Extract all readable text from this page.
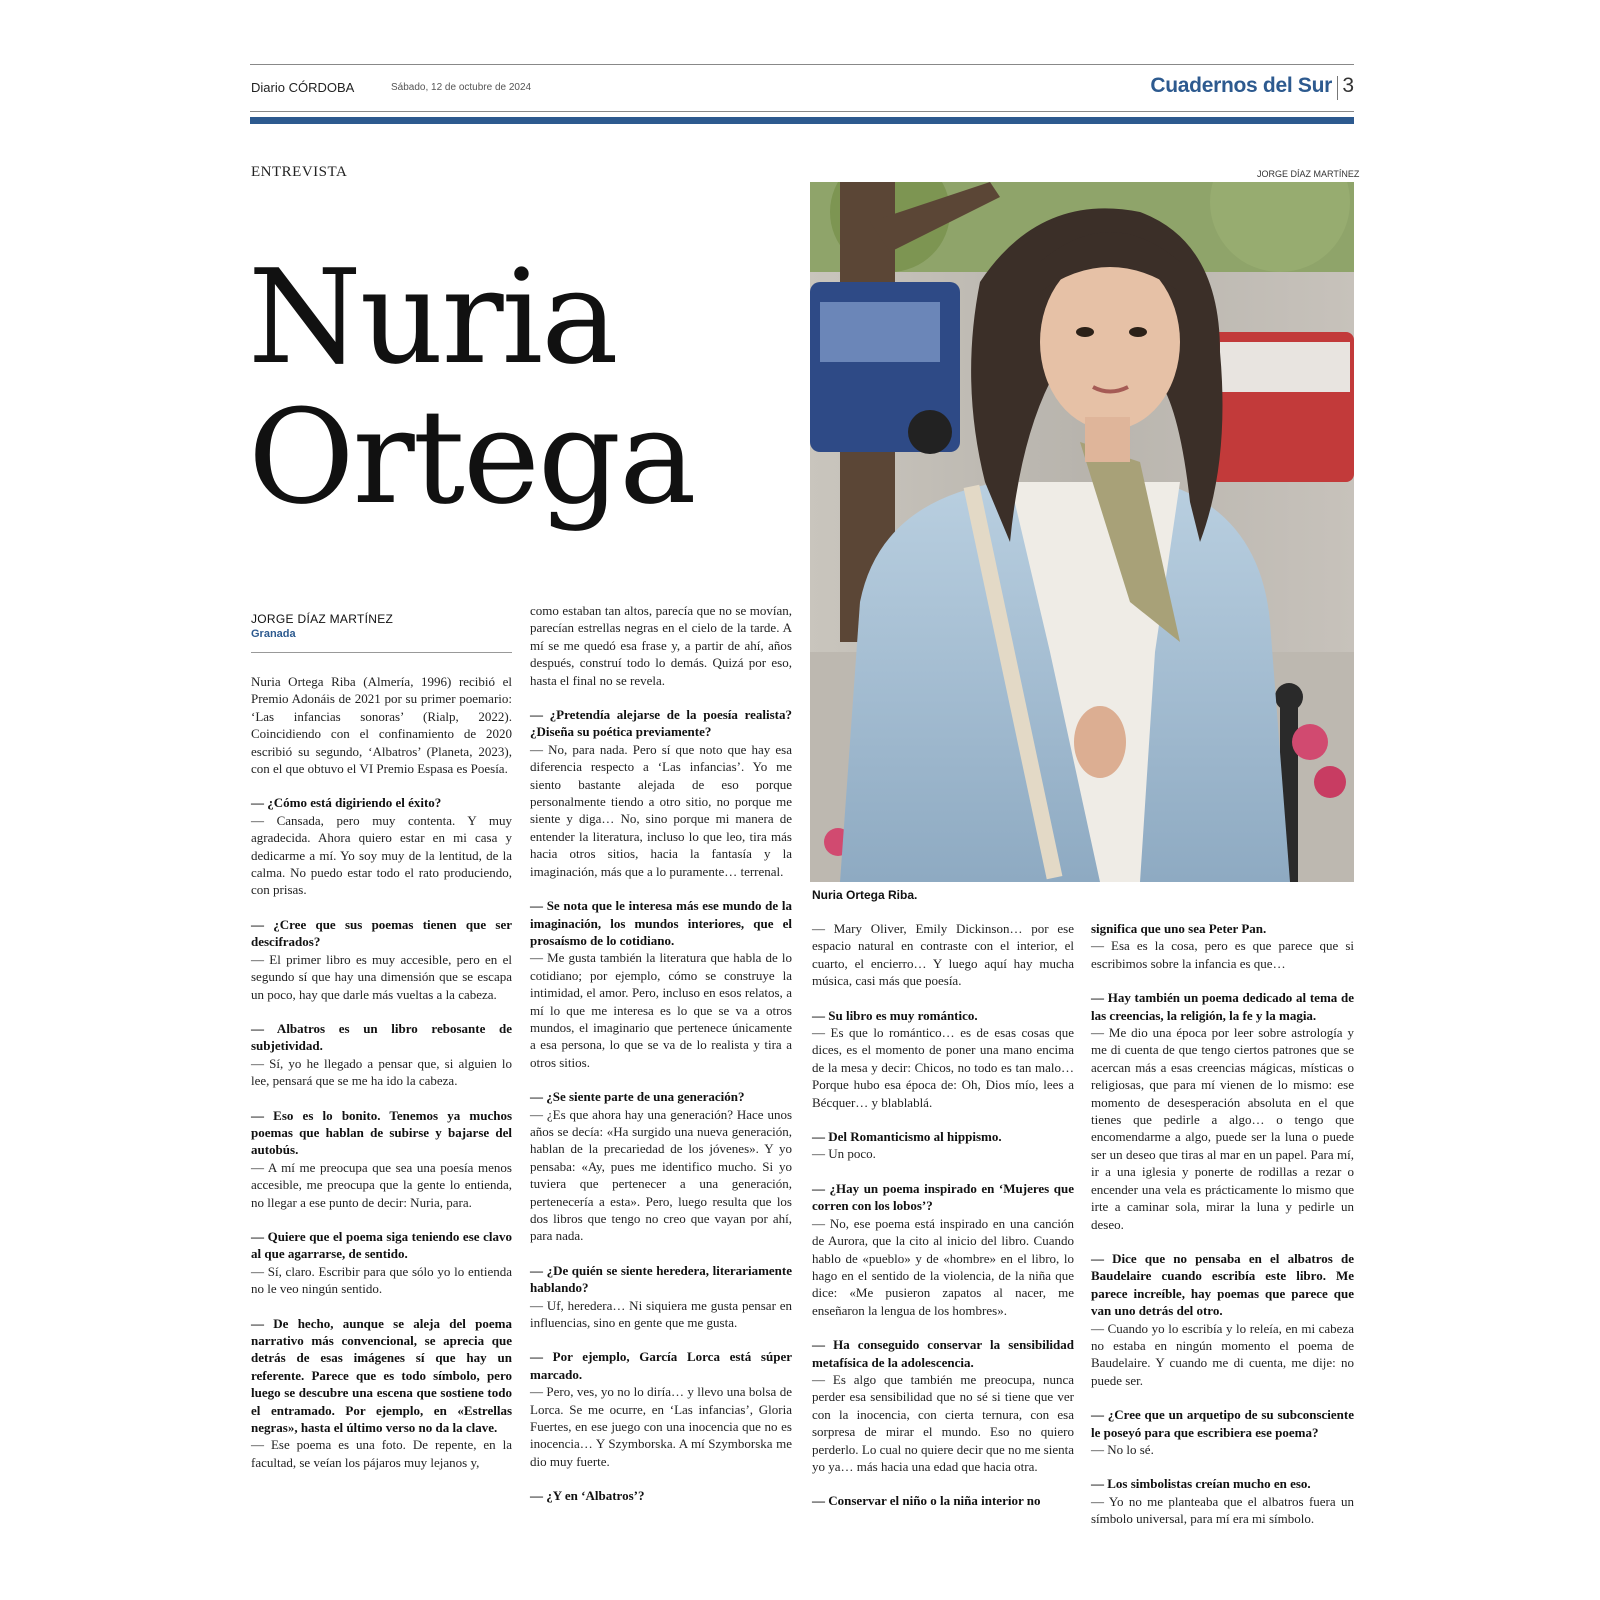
Diario CÓRDOBA	Sábado, 12 de octubre de 2024	Cuadernos del Sur 3
ENTREVISTA	JORGE DÍAZ MARTÍNEZ
Nuria
Ortega
Nuria Ortega Riba.
JORGE DÍAZ MARTÍNEZ
Granada

Nuria Ortega Riba (Almería, 1996) recibió el Premio Adonáis de 2021 por su primer poemario: ‘Las infancias sonoras’ (Rialp, 2022). Coincidiendo con el confinamiento de 2020 escribió su segundo, ‘Albatros’ (Planeta, 2023), con el que obtuvo el VI Premio Espasa es Poesía.

— ¿Cómo está digiriendo el éxito?
— Cansada, pero muy contenta. Y muy agradecida. Ahora quiero estar en mi casa y dedicarme a mí. Yo soy muy de la lentitud, de la calma. No puedo estar todo el rato produciendo, con prisas.

— ¿Cree que sus poemas tienen que ser descifrados?
— El primer libro es muy accesible, pero en el segundo sí que hay una dimensión que se escapa un poco, hay que darle más vueltas a la cabeza.

— Albatros es un libro rebosante de subjetividad.
— Sí, yo he llegado a pensar que, si alguien lo lee, pensará que se me ha ido la cabeza.

— Eso es lo bonito. Tenemos ya muchos poemas que hablan de subirse y bajarse del autobús.
— A mí me preocupa que sea una poesía menos accesible, me preocupa que la gente lo entienda, no llegar a ese punto de decir: Nuria, para.

— Quiere que el poema siga teniendo ese clavo al que agarrarse, de sentido.
— Sí, claro. Escribir para que sólo yo lo entienda no le veo ningún sentido.

— De hecho, aunque se aleja del poema narrativo más convencional, se aprecia que detrás de esas imágenes sí que hay un referente. Parece que es todo símbolo, pero luego se descubre una escena que sostiene todo el entramado. Por ejemplo, en «Estrellas negras», hasta el último verso no da la clave.
— Ese poema es una foto. De repente, en la facultad, se veían los pájaros muy lejanos y,

como estaban tan altos, parecía que no se movían, parecían estrellas negras en el cielo de la tarde. A mí se me quedó esa frase y, a partir de ahí, años después, construí todo lo demás. Quizá por eso, hasta el final no se revela.

— ¿Pretendía alejarse de la poesía realista? ¿Diseña su poética previamente?
— No, para nada. Pero sí que noto que hay esa diferencia respecto a ‘Las infancias’. Yo me siento bastante alejada de eso porque personalmente tiendo a otro sitio, no porque me siente y diga… No, sino porque mi manera de entender la literatura, incluso lo que leo, tira más hacia otros sitios, hacia la fantasía y la imaginación, más que a lo puramente… terrenal.

— Se nota que le interesa más ese mundo de la imaginación, los mundos interiores, que el prosaísmo de lo cotidiano.
— Me gusta también la literatura que habla de lo cotidiano; por ejemplo, cómo se construye la intimidad, el amor. Pero, incluso en esos relatos, a mí lo que me interesa es lo que se va a otros mundos, el imaginario que pertenece únicamente a esa persona, lo que se va de lo realista y tira a otros sitios.

— ¿Se siente parte de una generación?
— ¿Es que ahora hay una generación? Hace unos años se decía: «Ha surgido una nueva generación, hablan de la precariedad de los jóvenes». Y yo pensaba: «Ay, pues me identifico mucho. Si yo tuviera que pertenecer a una generación, pertenecería a esta». Pero, luego resulta que los dos libros que tengo no creo que vayan por ahí, para nada.

— ¿De quién se siente heredera, literariamente hablando?
— Uf, heredera… Ni siquiera me gusta pensar en influencias, sino en gente que me gusta.

— Por ejemplo, García Lorca está súper marcado.
— Pero, ves, yo no lo diría… y llevo una bolsa de Lorca. Se me ocurre, en ‘Las infancias’, Gloria Fuertes, en ese juego con una inocencia que no es inocencia… Y Szymborska. A mí Szymborska me dio muy fuerte.

— ¿Y en ‘Albatros’?

— Mary Oliver, Emily Dickinson… por ese espacio natural en contraste con el interior, el cuarto, el encierro… Y luego aquí hay mucha música, casi más que poesía.

— Su libro es muy romántico.
— Es que lo romántico… es de esas cosas que dices, es el momento de poner una mano encima de la mesa y decir: Chicos, no todo es tan malo… Porque hubo esa época de: Oh, Dios mío, lees a Bécquer… y blablablá.

— Del Romanticismo al hippismo.
— Un poco.

— ¿Hay un poema inspirado en ‘Mujeres que corren con los lobos’?
— No, ese poema está inspirado en una canción de Aurora, que la cito al inicio del libro. Cuando hablo de «pueblo» y de «hombre» en el libro, lo hago en el sentido de la violencia, de la niña que dice: «Me pusieron zapatos al nacer, me enseñaron la lengua de los hombres».

— Ha conseguido conservar la sensibilidad metafísica de la adolescencia.
— Es algo que también me preocupa, nunca perder esa sensibilidad que no sé si tiene que ver con la inocencia, con cierta ternura, con esa sorpresa de mirar el mundo. Eso no quiero perderlo. Lo cual no quiere decir que no me sienta yo ya… más hacia una edad que hacia otra.

— Conservar el niño o la niña interior no

significa que uno sea Peter Pan.
— Esa es la cosa, pero es que parece que si escribimos sobre la infancia es que…

— Hay también un poema dedicado al tema de las creencias, la religión, la fe y la magia.
— Me dio una época por leer sobre astrología y me di cuenta de que tengo ciertos patrones que se acercan más a esas creencias mágicas, místicas o religiosas, que para mí vienen de lo mismo: ese momento de desesperación absoluta en el que tienes que pedirle a algo… o tengo que encomendarme a algo, puede ser la luna o puede ser un deseo que tiras al mar en un papel. Para mí, ir a una iglesia y ponerte de rodillas a rezar o encender una vela es prácticamente lo mismo que irte a caminar sola, mirar la luna y pedirle un deseo.

— Dice que no pensaba en el albatros de Baudelaire cuando escribía este libro. Me parece increíble, hay poemas que parece que van uno detrás del otro.
— Cuando yo lo escribía y lo releía, en mi cabeza no estaba en ningún momento el poema de Baudelaire. Y cuando me di cuenta, me dije: no puede ser.

— ¿Cree que un arquetipo de su subconsciente le poseyó para que escribiera ese poema?
— No lo sé.

— Los simbolistas creían mucho en eso.
— Yo no me planteaba que el albatros fuera un símbolo universal, para mí era mi símbolo.
